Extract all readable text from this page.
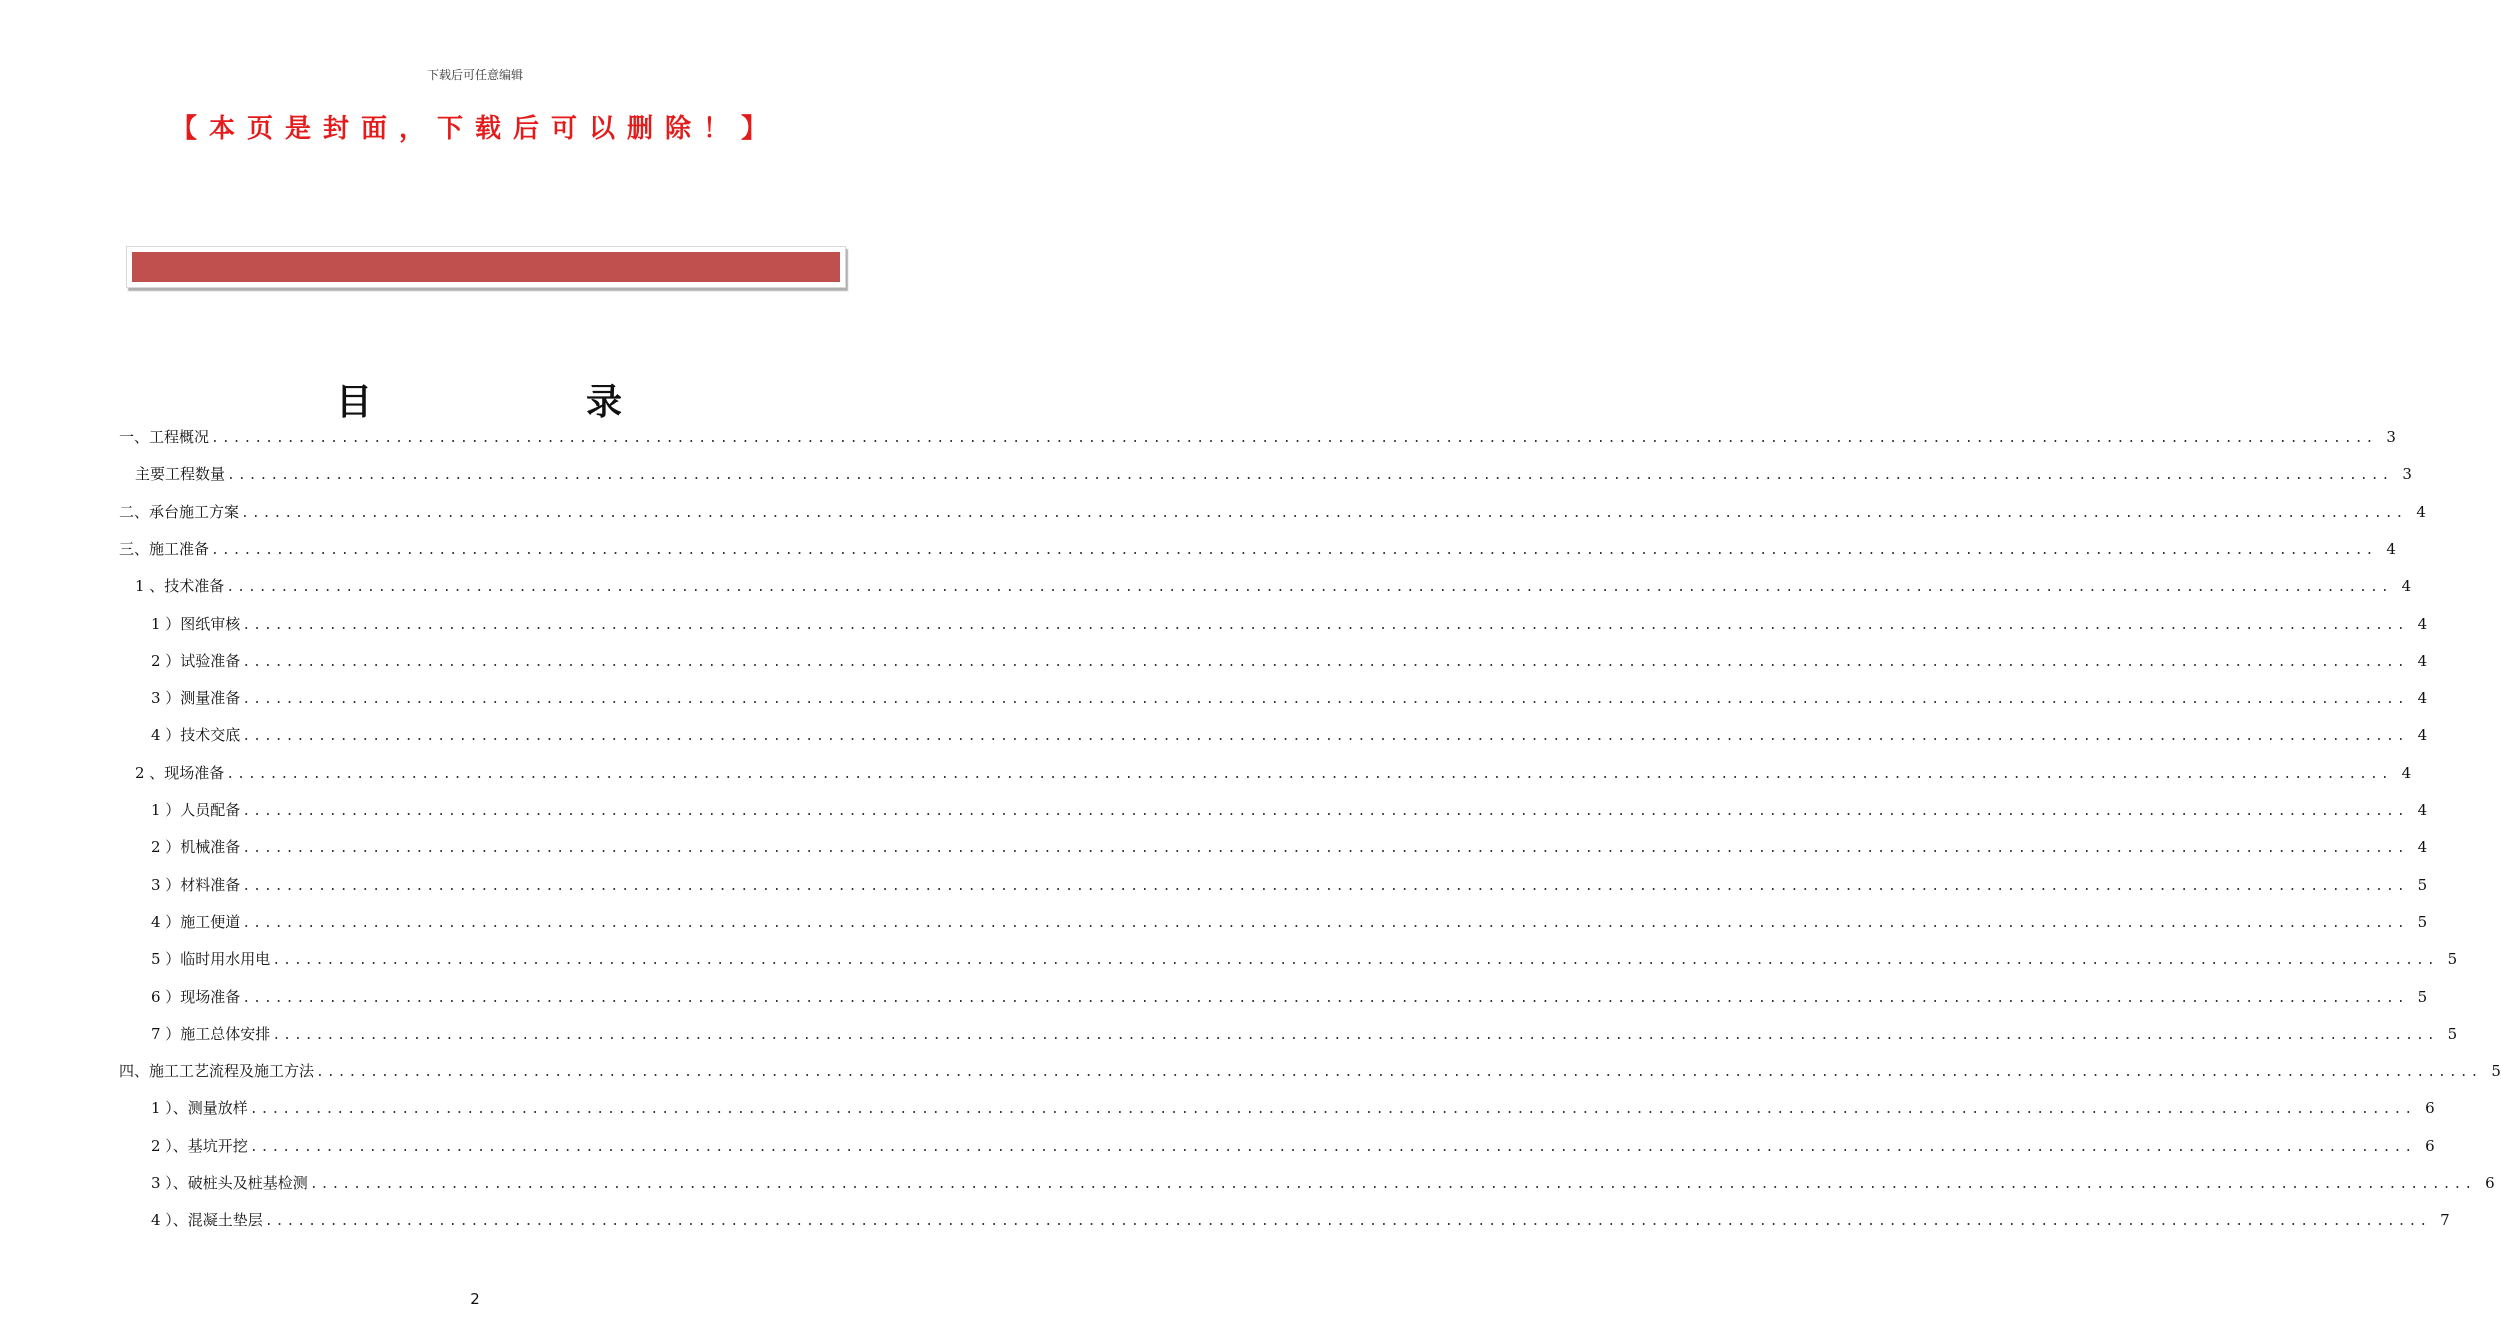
下载后可任意编辑
【本页是封面，下载后可以删除！】
目	录
一、工程概况 ........................................................................................................................................................................................................ 3
主要工程数量 ........................................................................................................................................................................................................ 3
二、承台施工方案 ........................................................................................................................................................................................................ 4
三、施工准备 ........................................................................................................................................................................................................ 4
1 、技术准备 ........................................................................................................................................................................................................ 4
1 ）图纸审核 ........................................................................................................................................................................................................ 4
2 ）试验准备 ........................................................................................................................................................................................................ 4
3 ）测量准备 ........................................................................................................................................................................................................ 4
4 ）技术交底 ........................................................................................................................................................................................................ 4
2 、现场准备 ........................................................................................................................................................................................................ 4
1 ）人员配备 ........................................................................................................................................................................................................ 4
2 ）机械准备 ........................................................................................................................................................................................................ 4
3 ）材料准备 ........................................................................................................................................................................................................ 5
4 ）施工便道 ........................................................................................................................................................................................................ 5
5 ）临时用水用电 ........................................................................................................................................................................................................ 5
6 ）现场准备 ........................................................................................................................................................................................................ 5
7 ）施工总体安排 ........................................................................................................................................................................................................ 5
四、施工工艺流程及施工方法 ........................................................................................................................................................................................................ 5
1 ）、测量放样 ........................................................................................................................................................................................................ 6
2 ）、基坑开挖 ........................................................................................................................................................................................................ 6
3 ）、破桩头及桩基检测 ........................................................................................................................................................................................................ 6
4 ）、混凝土垫层 ........................................................................................................................................................................................................ 7
2
